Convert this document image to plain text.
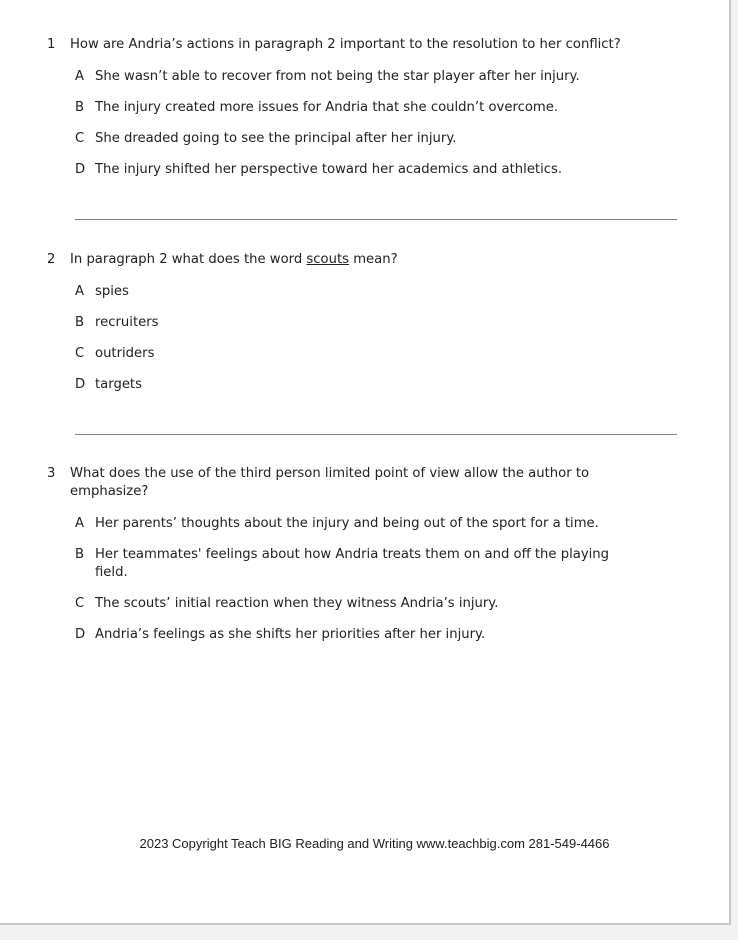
1	How are Andria’s actions in paragraph 2 important to the resolution to her conflict?
A She wasn’t able to recover from not being the star player after her injury.
B The injury created more issues for Andria that she couldn’t overcome.
C She dreaded going to see the principal after her injury.
D The injury shifted her perspective toward her academics and athletics.
2	In paragraph 2 what does the word scouts mean?
A spies
B recruiters
C outriders
D targets
3	What does the use of the third person limited point of view allow the author to
emphasize?
A Her parents’ thoughts about the injury and being out of the sport for a time.
B Her teammates' feelings about how Andria treats them on and off the playing
field.
C The scouts’ initial reaction when they witness Andria’s injury.
D Andria’s feelings as she shifts her priorities after her injury.
2023 Copyright Teach BIG Reading and Writing www.teachbig.com 281-549-4466
